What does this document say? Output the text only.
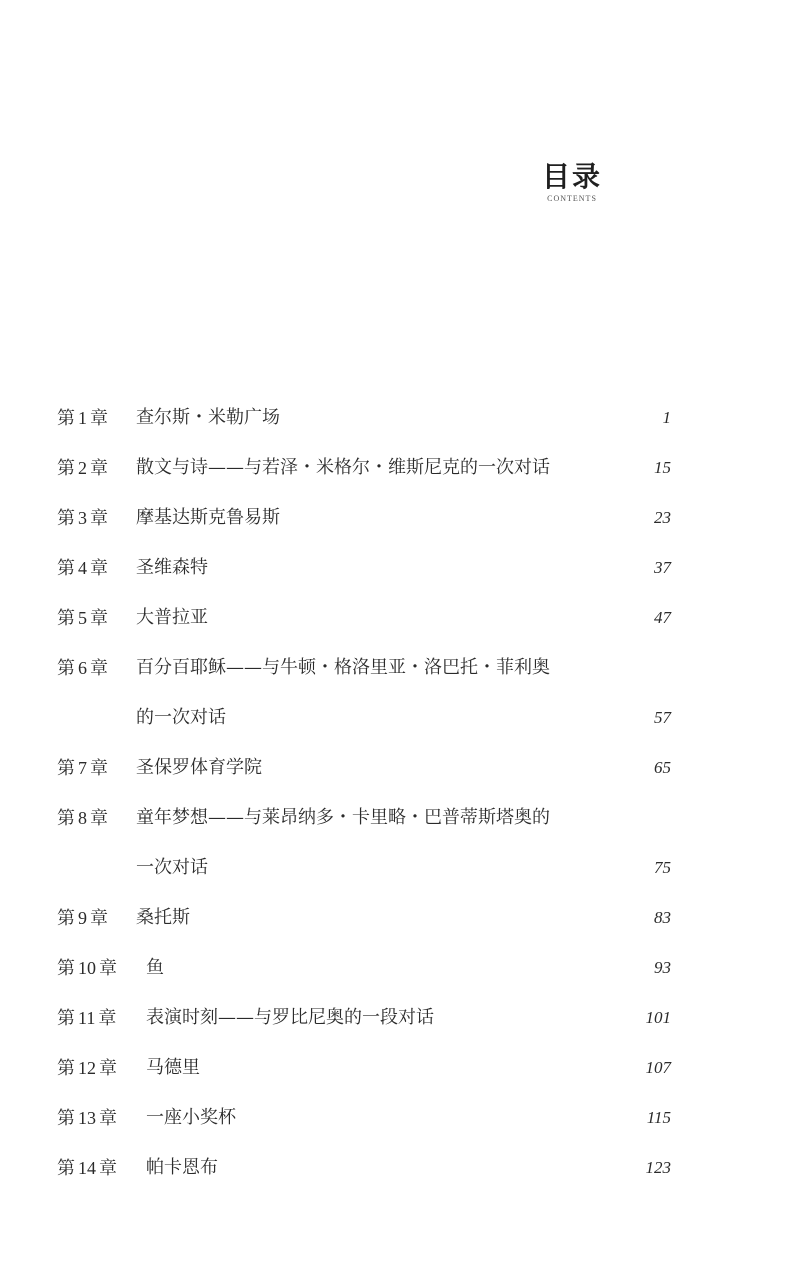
目录
CONTENTS
第 1 章 查尔斯・米勒广场	1
第 2 章 散文与诗——与若泽・米格尔・维斯尼克的一次对话	15
第 3 章 摩基达斯克鲁易斯	23
第 4 章 圣维森特	37
第 5 章 大普拉亚	47
第 6 章 百分百耶稣——与牛顿・格洛里亚・洛巴托・菲利奥
的一次对话	57
第 7 章 圣保罗体育学院	65
第 8 章 童年梦想——与莱昂纳多・卡里略・巴普蒂斯塔奥的
一次对话	75
第 9 章 桑托斯	83
第 10 章 鱼	93
第 11 章 表演时刻——与罗比尼奥的一段对话	101
第 12 章 马德里	107
第 13 章 一座小奖杯	115
第 14 章 帕卡恩布	123
